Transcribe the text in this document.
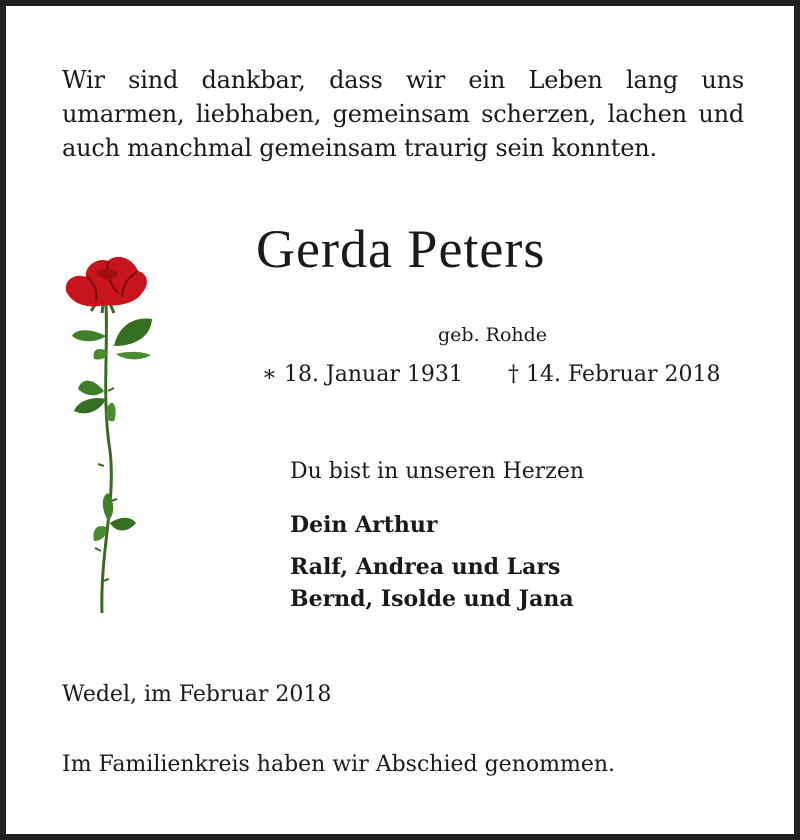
Wir sind dankbar, dass wir ein Leben lang uns
umarmen, liebhaben, gemeinsam scherzen, lachen und
auch manchmal gemeinsam traurig sein konnten.
Gerda Peters
geb. Rohde
∗ 18. Januar 1931 † 14. Februar 2018
Du bist in unseren Herzen
Dein Arthur
Ralf, Andrea und Lars
Bernd, Isolde und Jana
Wedel, im Februar 2018
Im Familienkreis haben wir Abschied genommen.
